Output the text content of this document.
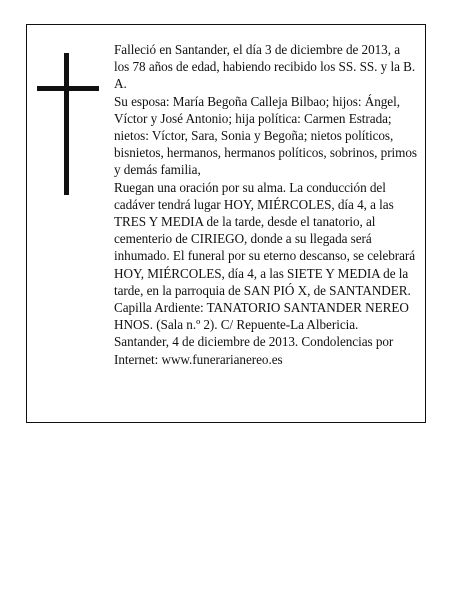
Falleció en Santander, el día 3 de diciembre de 2013, a los 78 años de edad, habiendo recibido los SS. SS. y la B. A.

Su esposa: María Begoña Calleja Bilbao; hijos: Ángel, Víctor y José Antonio; hija política: Carmen Estrada; nietos: Víctor, Sara, Sonia y Begoña; nietos políticos, bisnietos, hermanos, hermanos políticos, sobrinos, primos y demás familia,

Ruegan una oración por su alma. La conducción del cadáver tendrá lugar HOY, MIÉRCOLES, día 4, a las TRES Y MEDIA de la tarde, desde el tanatorio, al cementerio de CIRIEGO, donde a su llegada será inhumado. El funeral por su eterno descanso, se celebrará HOY, MIÉRCOLES, día 4, a las SIETE Y MEDIA de la tarde, en la parroquia de SAN PIÓ X, de SANTANDER. Capilla Ardiente: TANATORIO SANTANDER NEREO HNOS. (Sala n.º 2). C/ Repuente-La Albericia.

Santander, 4 de diciembre de 2013. Condolencias por Internet: www.funerarianereo.es
